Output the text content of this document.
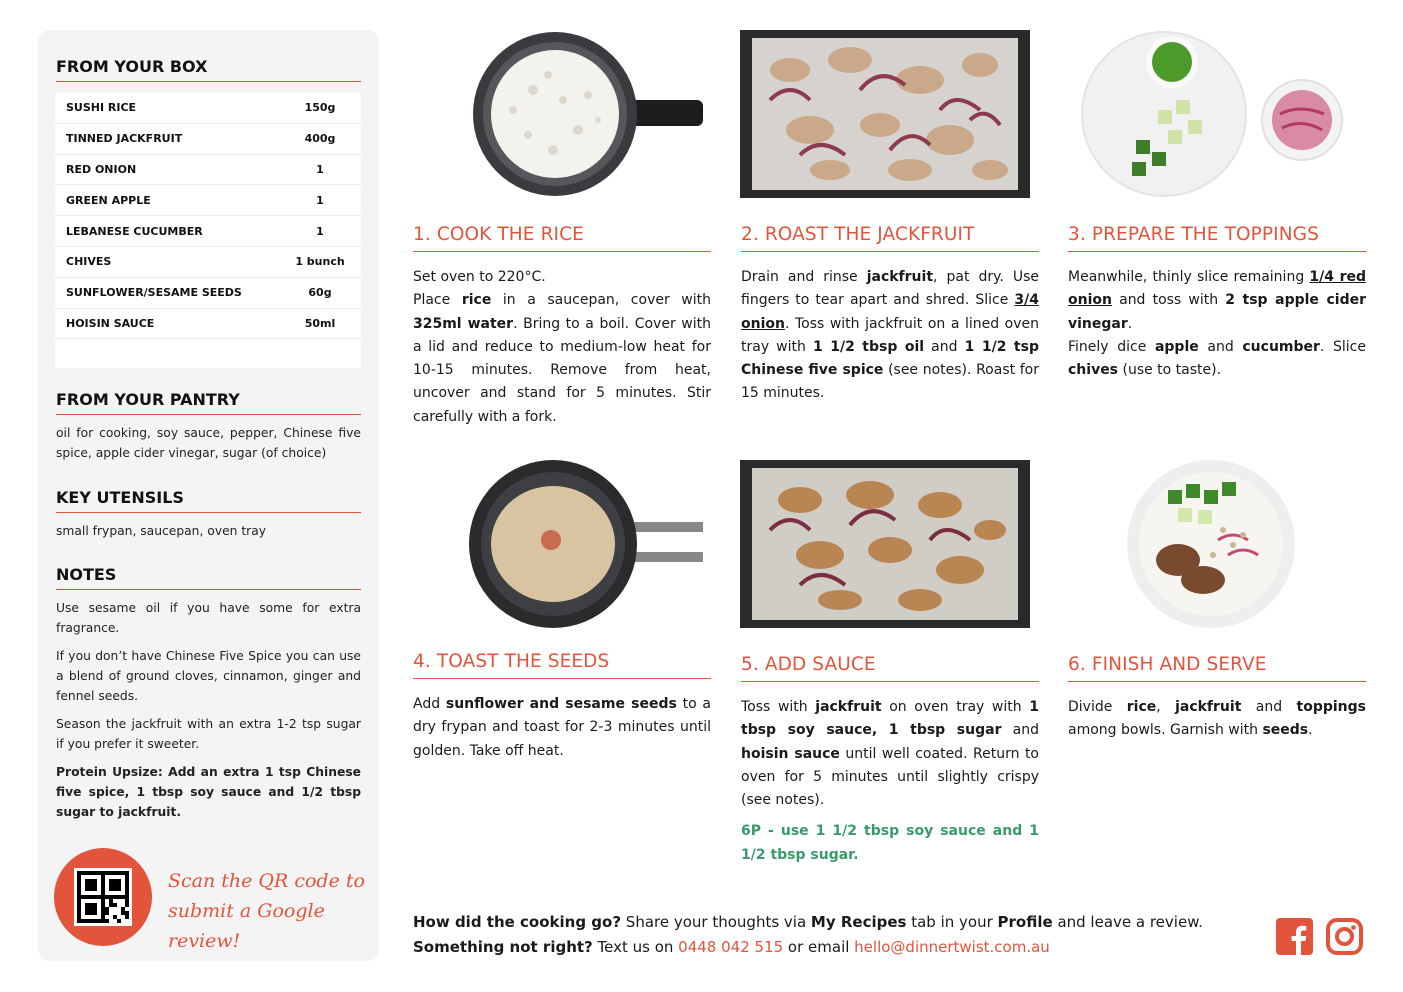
FROM YOUR BOX
SUSHI RICE	150g
TINNED JACKFRUIT	400g
RED ONION	1
GREEN APPLE	1
LEBANESE CUCUMBER	1
CHIVES	1 bunch
SUNFLOWER/SESAME SEEDS	60g
HOISIN SAUCE	50ml
FROM YOUR PANTRY
oil for cooking, soy sauce, pepper, Chinese five spice, apple cider vinegar, sugar (of choice)
KEY UTENSILS
small frypan, saucepan, oven tray
NOTES

Use sesame oil if you have some for extra fragrance.

If you don’t have Chinese Five Spice you can use a blend of ground cloves, cinnamon, ginger and fennel seeds.

Season the jackfruit with an extra 1-2 tsp sugar if you prefer it sweeter.

Protein Upsize: Add an extra 1 tsp Chinese five spice, 1 tbsp soy sauce and 1/2 tbsp sugar to jackfruit.

Scan the QR code to
submit a Google review!
1. COOK THE RICE	2. ROAST THE JACKFRUIT	3. PREPARE THE TOPPINGS
4. TOAST THE SEEDS	5. ADD SAUCE	6. FINISH AND SERVE
Set oven to 220°C.
Place rice in a saucepan, cover with 325ml water. Bring to a boil. Cover with a lid and reduce to medium-low heat for 10-15 minutes. Remove from heat, uncover and stand for 5 minutes. Stir carefully with a fork.
Drain and rinse jackfruit, pat dry. Use fingers to tear apart and shred. Slice 3/4 onion. Toss with jackfruit on a lined oven tray with 1 1/2 tbsp oil and 1 1/2 tsp Chinese five spice (see notes). Roast for 15 minutes.
Meanwhile, thinly slice remaining 1/4 red onion and toss with 2 tsp apple cider vinegar.
Finely dice apple and cucumber. Slice chives (use to taste).
Add sunflower and sesame seeds to a dry frypan and toast for 2-3 minutes until golden. Take off heat.
Toss with jackfruit on oven tray with 1 tbsp soy sauce, 1 tbsp sugar and hoisin sauce until well coated. Return to oven for 5 minutes until slightly crispy (see notes).
6P - use 1 1/2 tbsp soy sauce and 1 1/2 tbsp sugar.
Divide rice, jackfruit and toppings among bowls. Garnish with seeds.
How did the cooking go? Share your thoughts via My Recipes tab in your Profile and leave a review.
Something not right? Text us on 0448 042 515 or email hello@dinnertwist.com.au
